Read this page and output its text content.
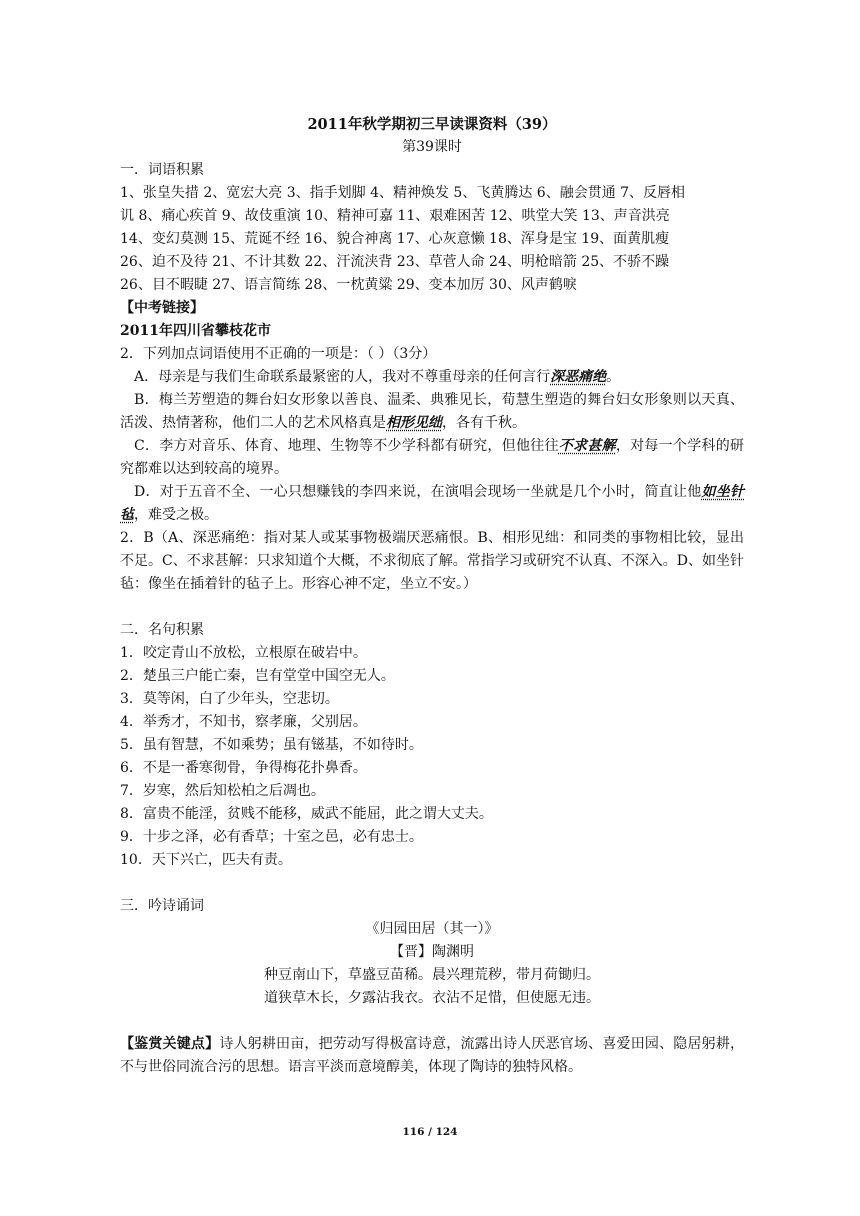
2011年秋学期初三早读课资料（39）
第39课时
一．词语积累
1、张皇失措 2、宽宏大亮 3、指手划脚 4、精神焕发 5、飞黄腾达 6、融会贯通 7、反唇相
讥 8、痛心疾首 9、故伎重演 10、精神可嘉 11、艰难困苦 12、哄堂大笑 13、声音洪亮
14、变幻莫测 15、荒诞不经 16、貌合神离 17、心灰意懒 18、浑身是宝 19、面黄肌瘦
26、迫不及待 21、不计其数 22、汗流浃背 23、草菅人命 24、明枪暗箭 25、不骄不躁
26、目不暇睫 27、语言简练 28、一枕黄粱 29、变本加厉 30、风声鹤唳
【中考链接】
2011年四川省攀枝花市
2．下列加点词语使用不正确的一项是：（ ）（3分）
A．母亲是与我们生命联系最紧密的人，我对不尊重母亲的任何言行深恶痛绝。
B．梅兰芳塑造的舞台妇女形象以善良、温柔、典雅见长，荀慧生塑造的舞台妇女形象则以天真、活泼、热情著称，他们二人的艺术风格真是相形见绌，各有千秋。
C．李方对音乐、体育、地理、生物等不少学科都有研究，但他往往不求甚解，对每一个学科的研究都难以达到较高的境界。
D．对于五音不全、一心只想赚钱的李四来说，在演唱会现场一坐就是几个小时，简直让他如坐针毡，难受之极。
2．B（A、深恶痛绝：指对某人或某事物极端厌恶痛恨。B、相形见绌：和同类的事物相比较，显出不足。C、不求甚解：只求知道个大概，不求彻底了解。常指学习或研究不认真、不深入。D、如坐针毡：像坐在插着针的毡子上。形容心神不定，坐立不安。）
二．名句积累
1．咬定青山不放松，立根原在破岩中。
2．楚虽三户能亡秦，岂有堂堂中国空无人。
3．莫等闲，白了少年头，空悲切。
4．举秀才，不知书，察孝廉，父别居。
5．虽有智慧，不如乘势；虽有镃基，不如待时。
6．不是一番寒彻骨，争得梅花扑鼻香。
7．岁寒，然后知松柏之后凋也。
8．富贵不能淫，贫贱不能移，威武不能屈，此之谓大丈夫。
9．十步之泽，必有香草；十室之邑，必有忠士。
10．天下兴亡，匹夫有责。
三．吟诗诵词
《归园田居（其一）》
【晋】陶渊明
种豆南山下，草盛豆苗稀。晨兴理荒秽，带月荷锄归。
道狭草木长，夕露沾我衣。衣沾不足惜，但使愿无违。
【鉴赏关键点】诗人躬耕田亩，把劳动写得极富诗意，流露出诗人厌恶官场、喜爱田园、隐居躬耕，不与世俗同流合污的思想。语言平淡而意境醇美，体现了陶诗的独特风格。
116 / 124
